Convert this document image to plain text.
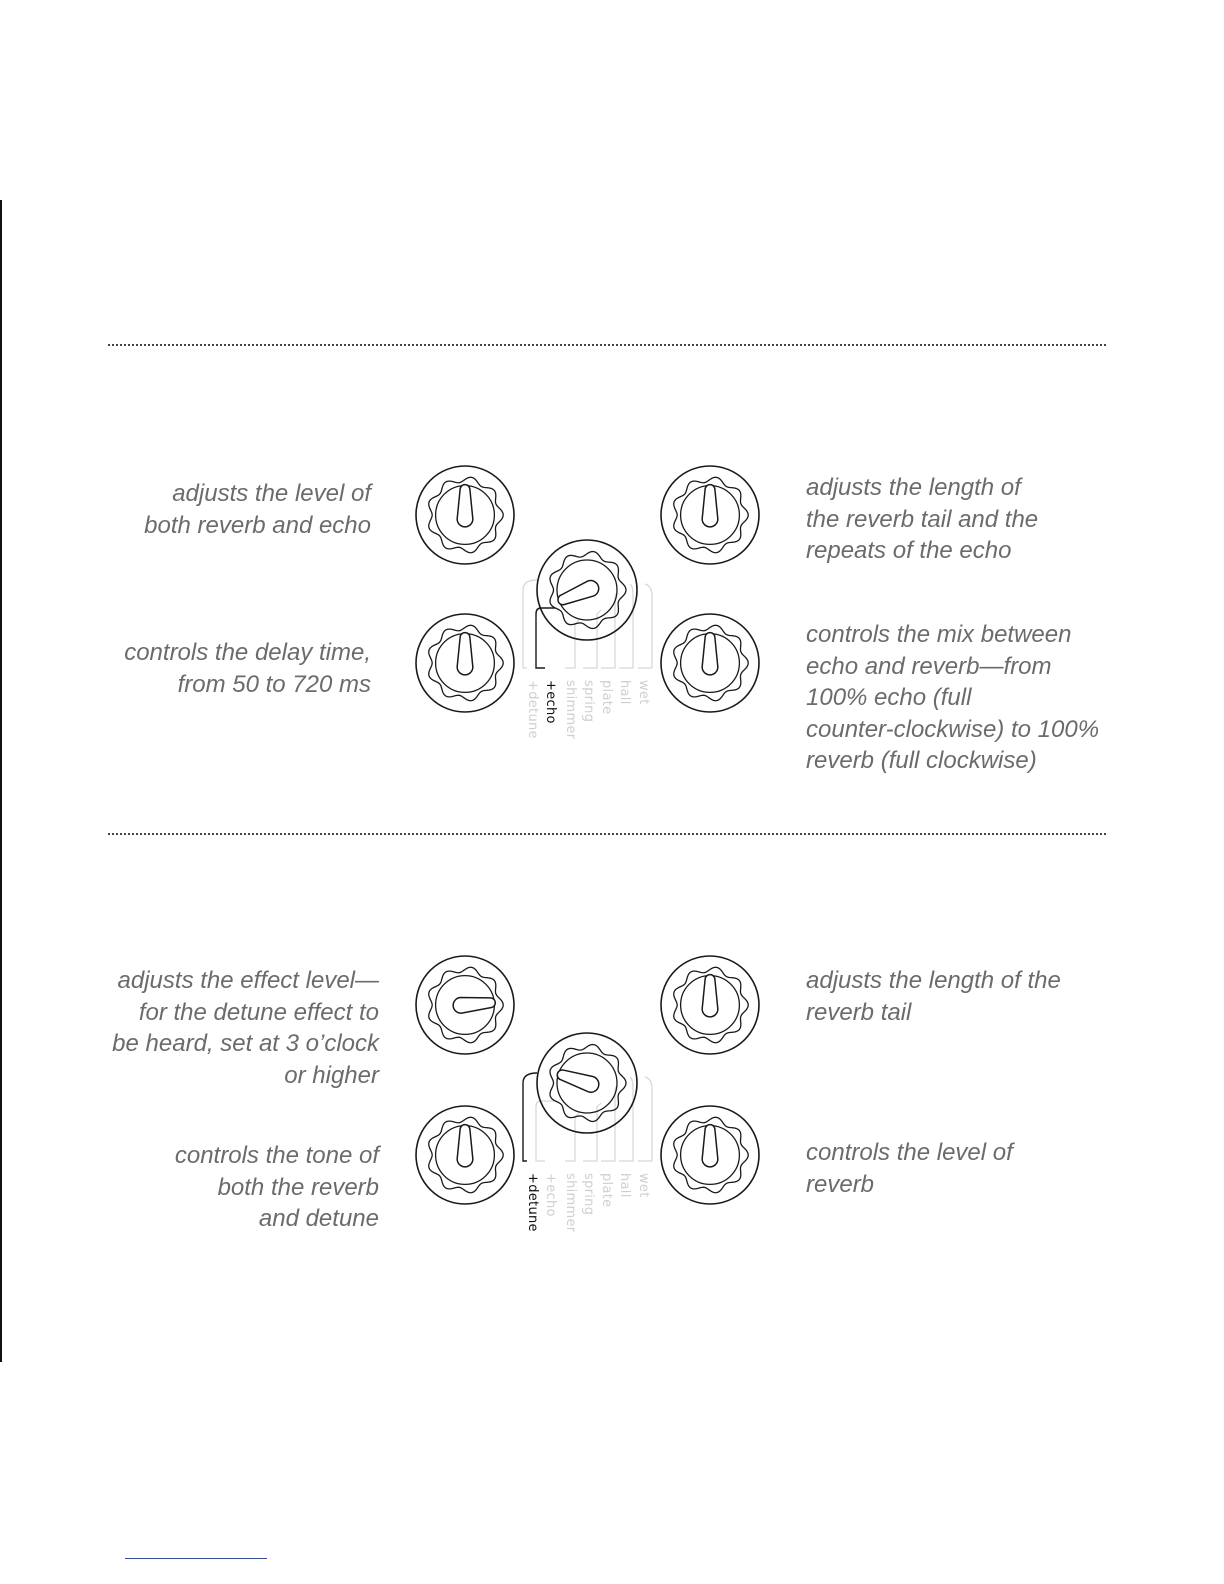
adjusts the level of
both reverb and echo
controls the delay time,
from 50 to 720 ms
adjusts the length of
the reverb tail and the
repeats of the echo
controls the mix between
echo and reverb—from
100% echo (full
counter-clockwise) to 100%
reverb (full clockwise)
adjusts the effect level—
for the detune effect to
be heard, set at 3 o’clock
or higher
controls the tone of
both the reverb
and detune
adjusts the length of the
reverb tail
controls the level of
reverb
wet
hall
plate
spring
shimmer
+echo
+detune
wet
hall
plate
spring
shimmer
+echo
+detune
